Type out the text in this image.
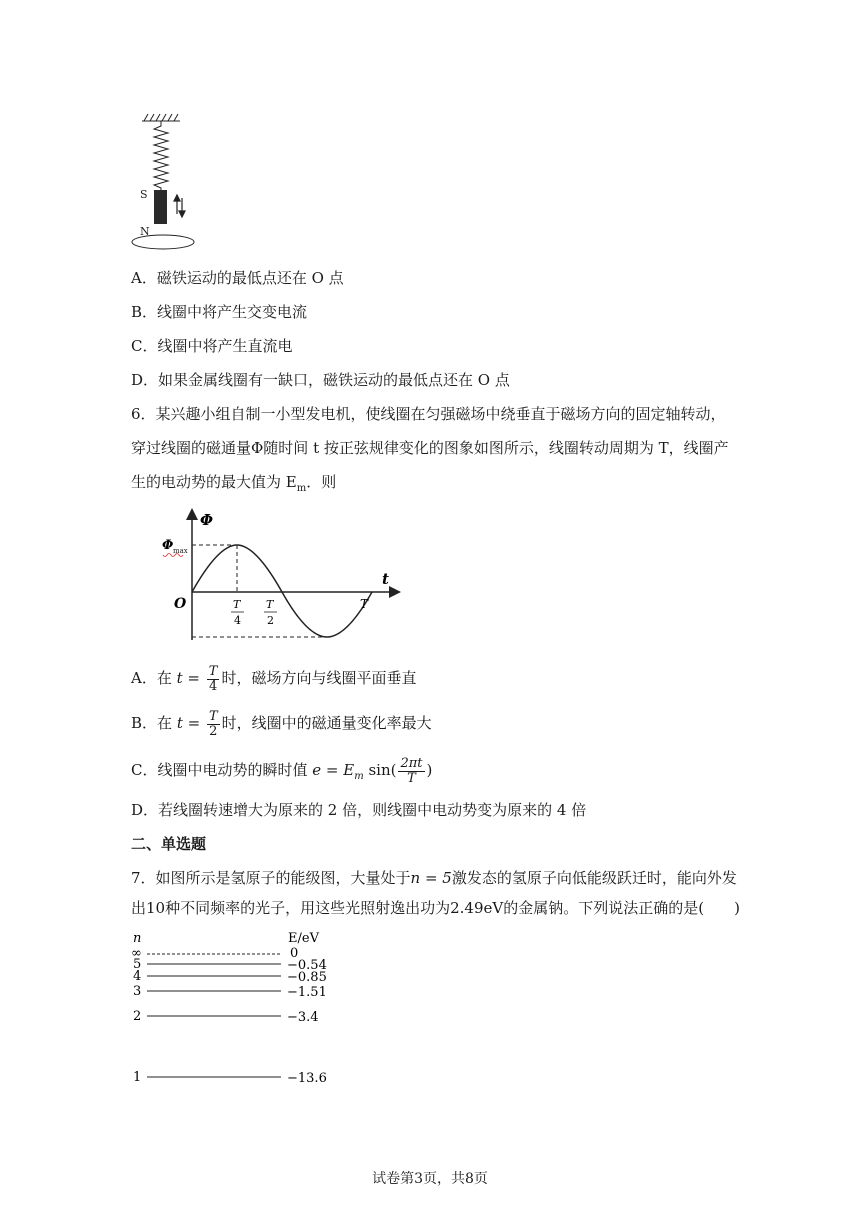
S
N
A．磁铁运动的最低点还在 O 点
B．线圈中将产生交变电流
C．线圈中将产生直流电
D．如果金属线圈有一缺口，磁铁运动的最低点还在 O 点
6．某兴趣小组自制一小型发电机，使线圈在匀强磁场中绕垂直于磁场方向的固定轴转动，
穿过线圈的磁通量Φ随时间 t 按正弦规律变化的图象如图所示，线圈转动周期为 T，线圈产
生的电动势的最大值为 $E_m$．则
Φ
Φ max
O
t
T
4
T
2
T
A．在 $t = \frac{T}{4}$ 时，磁场方向与线圈平面垂直
B．在 $t = \frac{T}{2}$ 时，线圈中的磁通量变化率最大
C．线圈中电动势的瞬时值 $e = E_m$ $\sin( \frac{2\pi t}{T}$ )
D．若线圈转速增大为原来的 2 倍，则线圈中电动势变为原来的 4 倍
二、单选题
7．如图所示是氢原子的能级图，大量处于n = 5激发态的氢原子向低能级跃迁时，能向外发
出10种不同频率的光子，用这些光照射逸出功为2.49eV的金属钠。下列说法正确的是(　　)
n	E/eV
∞	0
5	−0.54
4	−0.85
3	−1.51
2	−3.4
1	−13.6
试卷第3页，共8页
